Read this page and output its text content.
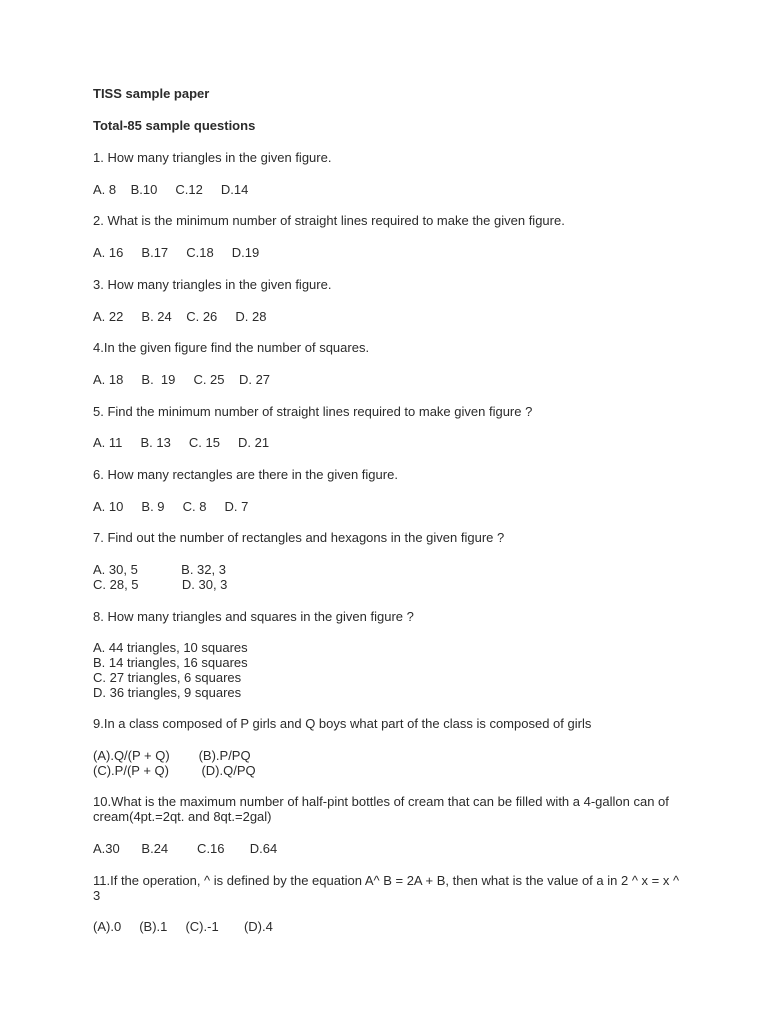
TISS sample paper

Total-85 sample questions

1. How many triangles in the given figure.

A. 8    B.10     C.12     D.14

2. What is the minimum number of straight lines required to make the given figure.

A. 16     B.17     C.18     D.19

3. How many triangles in the given figure.

A. 22     B. 24    C. 26     D. 28

4.In the given figure find the number of squares.

A. 18     B.  19     C. 25    D. 27

5. Find the minimum number of straight lines required to make given figure ?

A. 11     B. 13     C. 15     D. 21

6. How many rectangles are there in the given figure.

A. 10     B. 9     C. 8     D. 7

7. Find out the number of rectangles and hexagons in the given figure ?

A. 30, 5            B. 32, 3

C. 28, 5            D. 30, 3

8. How many triangles and squares in the given figure ?

A. 44 triangles, 10 squares

B. 14 triangles, 16 squares

C. 27 triangles, 6 squares

D. 36 triangles, 9 squares

9.In a class composed of P girls and Q boys what part of the class is composed of girls

(A).Q/(P + Q)        (B).P/PQ

(C).P/(P + Q)         (D).Q/PQ

10.What is the maximum number of half-pint bottles of cream that can be filled with a 4-gallon can of cream(4pt.=2qt. and 8qt.=2gal)

A.30      B.24        C.16       D.64

11.If the operation, ^ is defined by the equation A^ B = 2A + B, then what is the value of a in 2 ^ x = x ^ 3

(A).0     (B).1     (C).-1       (D).4
